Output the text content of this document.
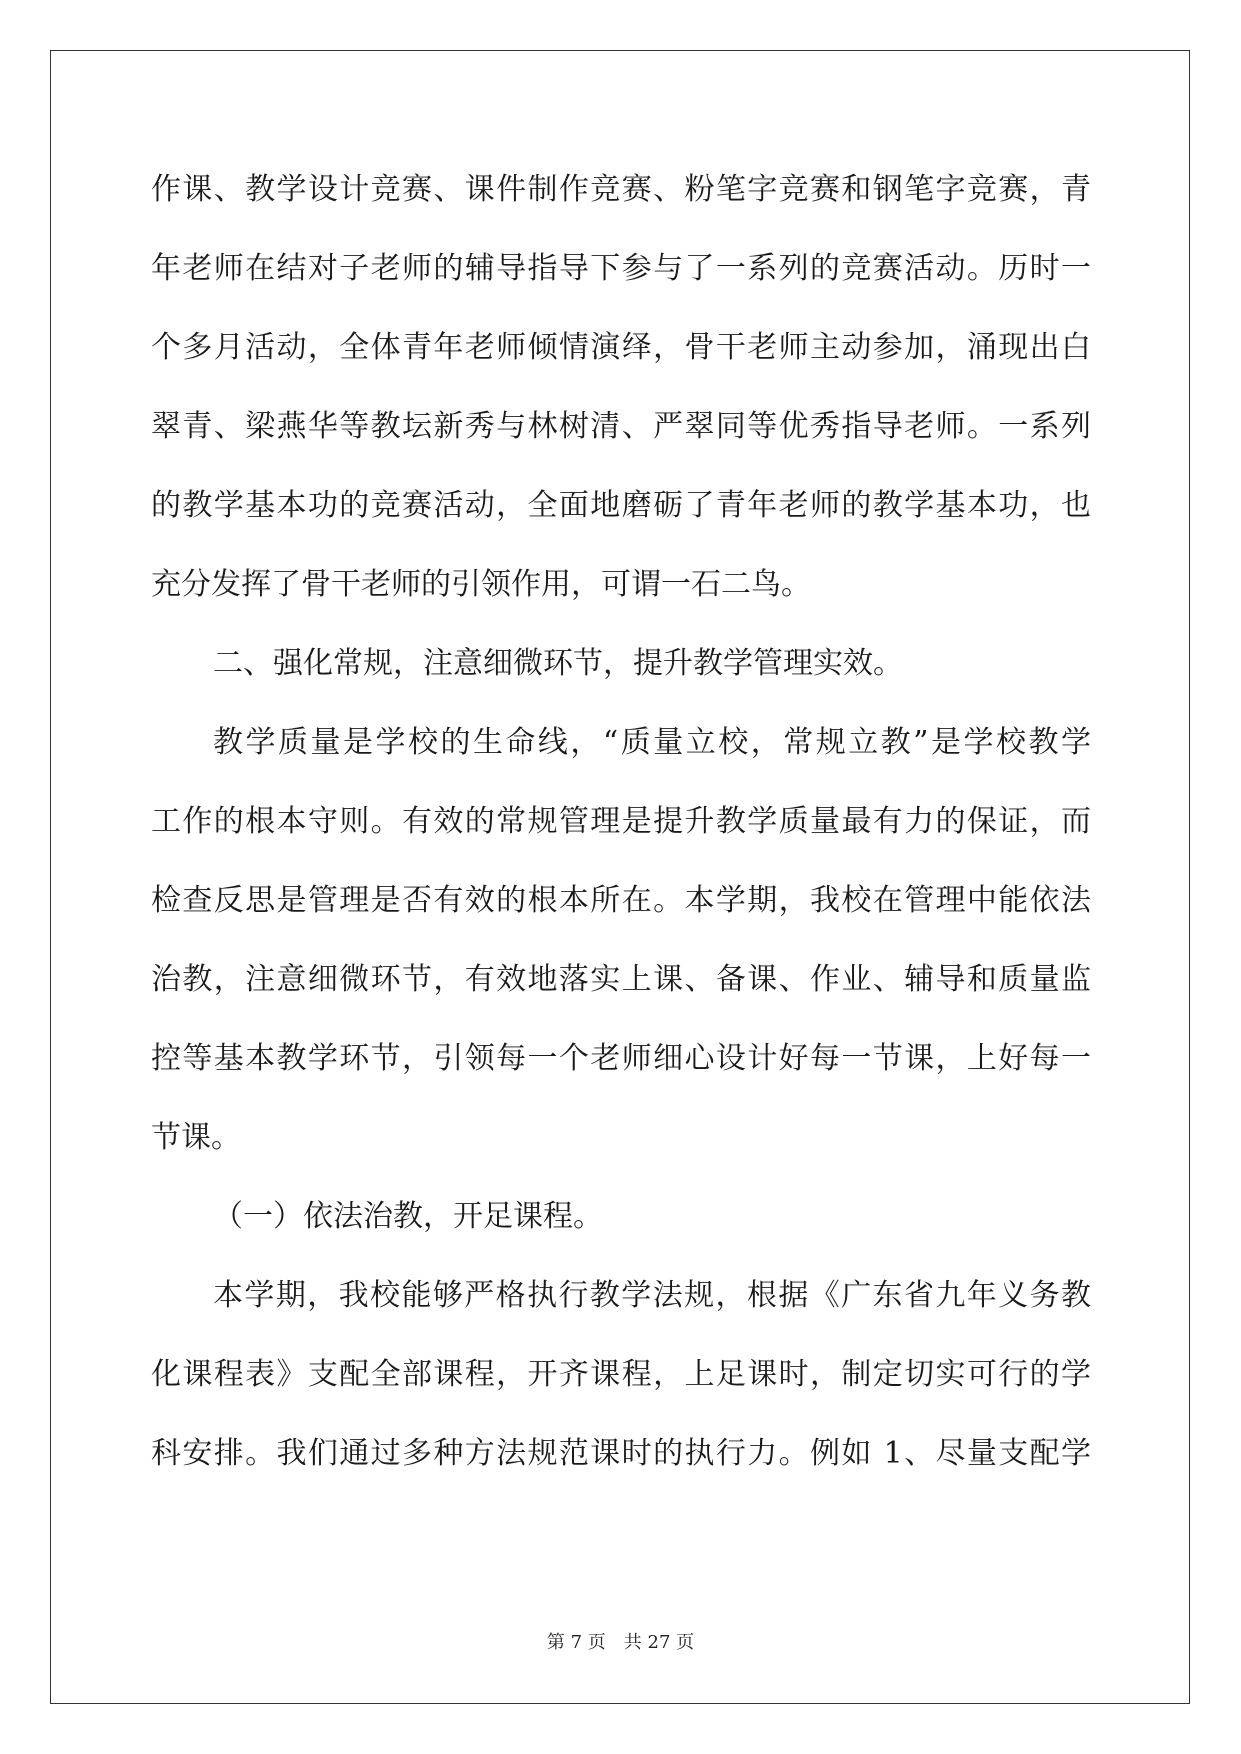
作课、教学设计竞赛、课件制作竞赛、粉笔字竞赛和钢笔字竞赛，青
年老师在结对子老师的辅导指导下参与了一系列的竞赛活动。历时一
个多月活动，全体青年老师倾情演绎，骨干老师主动参加，涌现出白
翠青、梁燕华等教坛新秀与林树清、严翠同等优秀指导老师。一系列
的教学基本功的竞赛活动，全面地磨砺了青年老师的教学基本功，也
充分发挥了骨干老师的引领作用，可谓一石二鸟。
二、强化常规，注意细微环节，提升教学管理实效。
教学质量是学校的生命线，“质量立校，常规立教”是学校教学
工作的根本守则。有效的常规管理是提升教学质量最有力的保证，而
检查反思是管理是否有效的根本所在。本学期，我校在管理中能依法
治教，注意细微环节，有效地落实上课、备课、作业、辅导和质量监
控等基本教学环节，引领每一个老师细心设计好每一节课，上好每一
节课。
（一）依法治教，开足课程。
本学期，我校能够严格执行教学法规，根据《广东省九年义务教
化课程表》支配全部课程，开齐课程，上足课时，制定切实可行的学
科安排。我们通过多种方法规范课时的执行力。例如 1、尽量支配学
第 7 页　共 27 页
